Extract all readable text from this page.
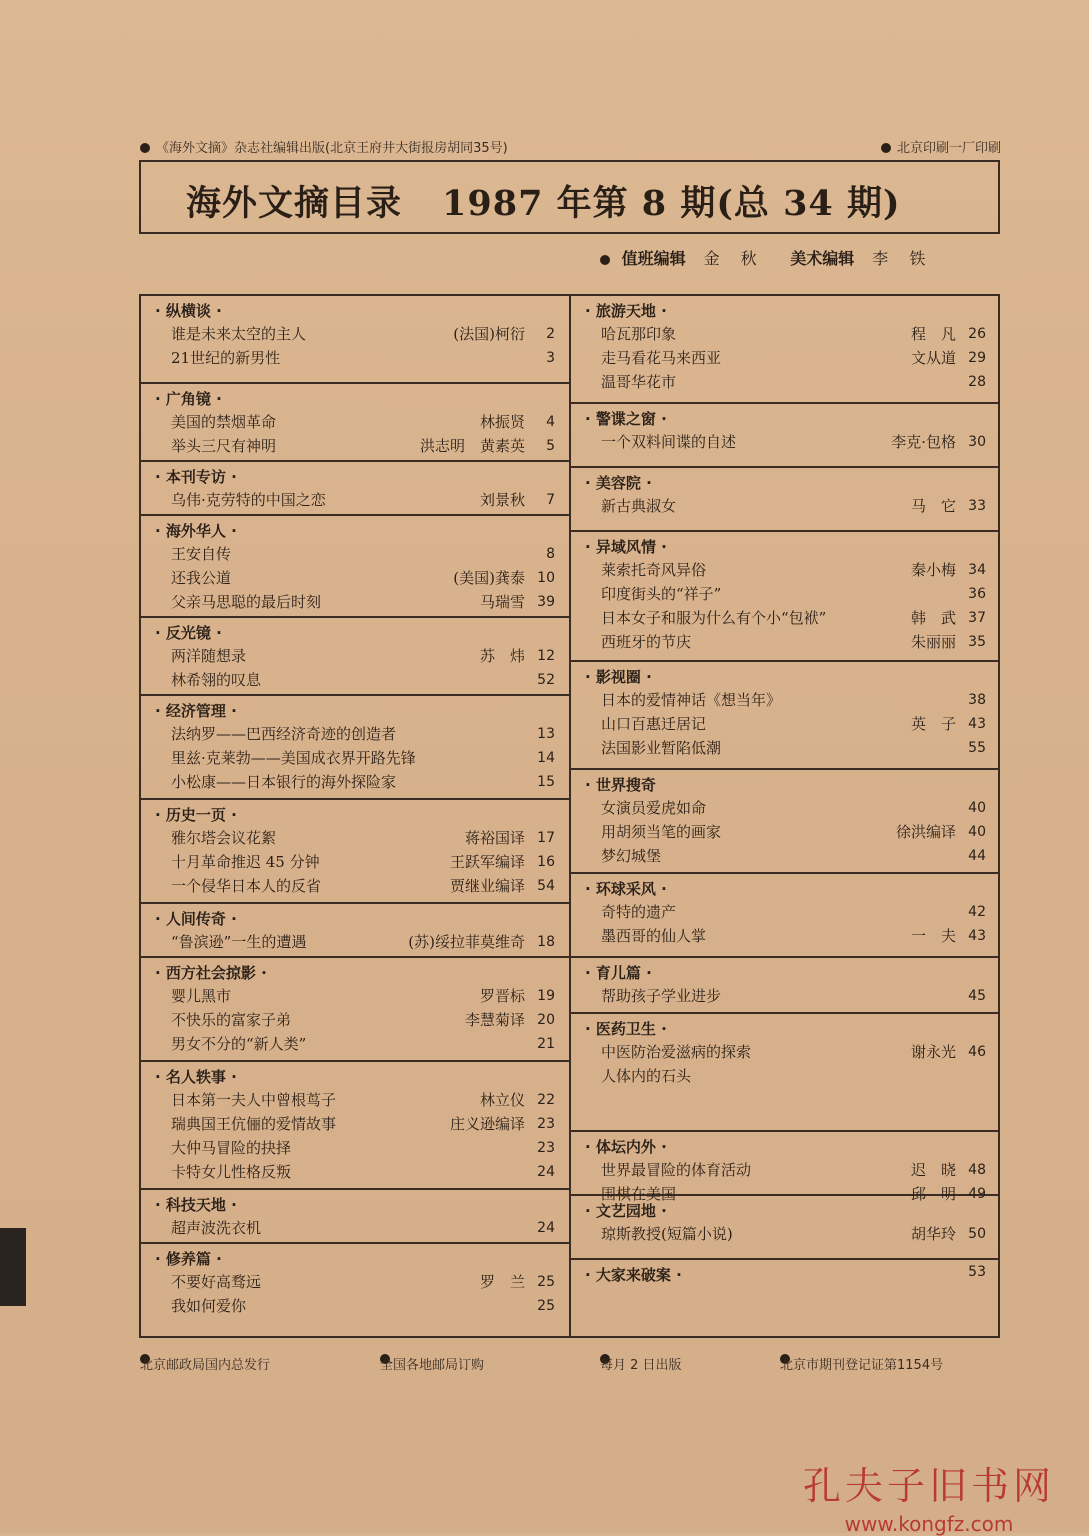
《海外文摘》杂志社编辑出版(北京王府井大街报房胡同35号)	北京印刷一厂印刷
海外文摘目录 1987 年第 8 期(总 34 期)
值班编辑 金 秋 美术编辑 李 铁
· 纵横谈 ·
谁是未来太空的主人	(法国)柯衍 2
21世纪的新男性	3
· 广角镜 ·
美国的禁烟革命	林振贤 4
举头三尺有神明	洪志明　黄素英 5
· 本刊专访 ·
乌伟·克劳特的中国之恋	刘景秋 7
· 海外华人 ·
王安自传	8
还我公道	(美国)龚泰 10
父亲马思聪的最后时刻	马瑞雪 39
· 反光镜 ·
两洋随想录	苏　炜 12
林希翎的叹息	52
· 经济管理 ·
法纳罗——巴西经济奇迹的创造者	13
里兹·克莱勃——美国成衣界开路先锋	14
小松康——日本银行的海外探险家	15
· 历史一页 ·
雅尔塔会议花絮	蒋裕国译 17
十月革命推迟 45 分钟	王跃军编译 16
一个侵华日本人的反省	贾继业编译 54
· 人间传奇 ·
“鲁滨逊”一生的遭遇	(苏)绥拉菲莫维奇 18
· 西方社会掠影 ·
婴儿黑市	罗晋标 19
不快乐的富家子弟	李慧菊译 20
男女不分的“新人类”	21
· 名人轶事 ·
日本第一夫人中曾根茑子	林立仪 22
瑞典国王伉俪的爱情故事	庄义逊编译 23
大仲马冒险的抉择	23
卡特女儿性格反叛	24
· 科技天地 ·
超声波洗衣机	24
· 修养篇 ·
不要好高骛远	罗　兰 25
我如何爱你	25
· 旅游天地 ·
哈瓦那印象	程　凡 26
走马看花马来西亚	文从道 29
温哥华花市	28
· 警谍之窗 ·
一个双料间谍的自述	李克·包格 30
· 美容院 ·
新古典淑女	马　它 33
· 异域风情 ·
莱索托奇风异俗	秦小梅 34
印度街头的“祥子”	36
日本女子和服为什么有个小“包袱”	韩　武 37
西班牙的节庆	朱丽丽 35
· 影视圈 ·
日本的爱情神话《想当年》	38
山口百惠迁居记	英　子 43
法国影业暂陷低潮	55
· 世界搜奇
女演员爱虎如命	40
用胡须当笔的画家	徐洪编译 40
梦幻城堡	44
· 环球采风 ·
奇特的遗产	42
墨西哥的仙人掌	一　夫 43
· 育儿篇 ·
帮助孩子学业进步	45
· 医药卫生 ·
中医防治爱滋病的探索	谢永光 46
人体内的石头
· 体坛内外 ·
世界最冒险的体育活动	迟　晓 48
围棋在美国	邱　明 49
· 文艺园地 ·
琼斯教授(短篇小说)	胡华玲 50
· 大家来破案 ·	53
北京邮政局国内总发行	全国各地邮局订购	每月 2 日出版	北京市期刊登记证第1154号
孔夫子旧书网
www.kongfz.com
